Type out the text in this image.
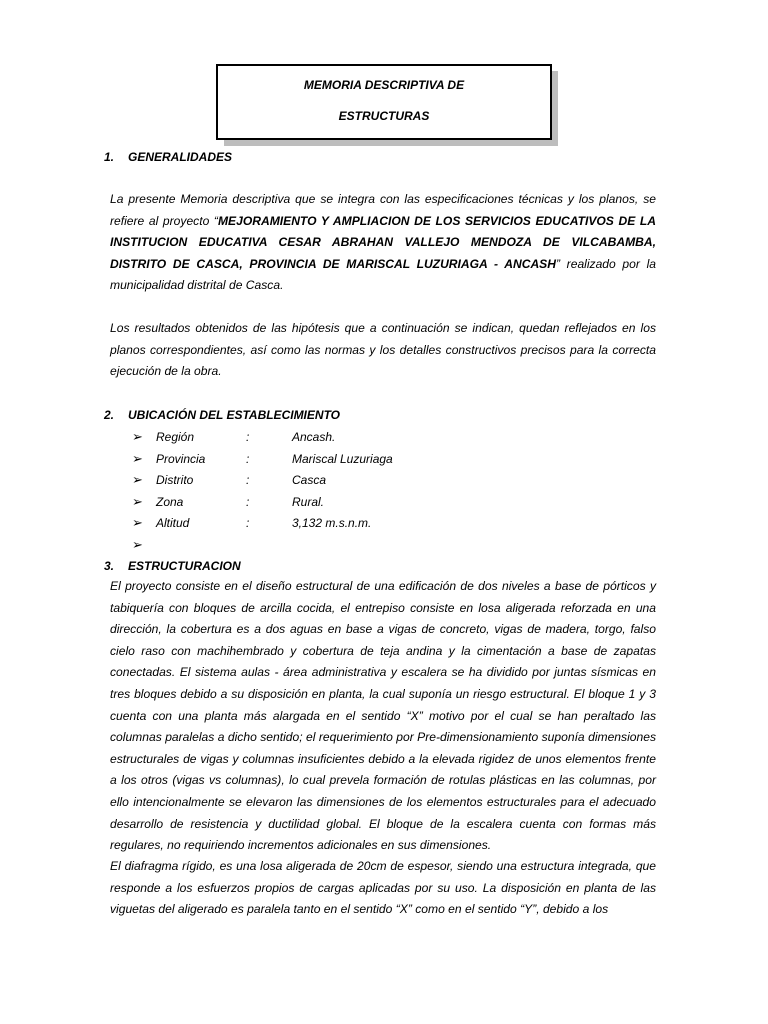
MEMORIA DESCRIPTIVA DE
ESTRUCTURAS
1. GENERALIDADES
La presente Memoria descriptiva que se integra con las especificaciones técnicas y los planos, se refiere al proyecto “MEJORAMIENTO Y AMPLIACION DE LOS SERVICIOS EDUCATIVOS DE LA INSTITUCION EDUCATIVA CESAR ABRAHAN VALLEJO MENDOZA DE VILCABAMBA, DISTRITO DE CASCA, PROVINCIA DE MARISCAL LUZURIAGA - ANCASH” realizado por la municipalidad distrital de Casca.
Los resultados obtenidos de las hipótesis que a continuación se indican, quedan reflejados en los planos correspondientes, así como las normas y los detalles constructivos precisos para la correcta ejecución de la obra.
2. UBICACIÓN DEL ESTABLECIMIENTO
➢ Región	:	Ancash.
➢ Provincia	:	Mariscal Luzuriaga
➢ Distrito	:	Casca
➢ Zona	:	Rural.
➢ Altitud	:	3,132 m.s.n.m.
➢
3. ESTRUCTURACION
El proyecto consiste en el diseño estructural de una edificación de dos niveles a base de pórticos y tabiquería con bloques de arcilla cocida, el entrepiso consiste en losa aligerada reforzada en una dirección, la cobertura es a dos aguas en base a vigas de concreto, vigas de madera, torgo, falso cielo raso con machihembrado y cobertura de teja andina y la cimentación a base de zapatas conectadas. El sistema aulas - área administrativa y escalera se ha dividido por juntas sísmicas en tres bloques debido a su disposición en planta, la cual suponía un riesgo estructural. El bloque 1 y 3 cuenta con una planta más alargada en el sentido “X” motivo por el cual se han peraltado las columnas paralelas a dicho sentido; el requerimiento por Pre-dimensionamiento suponía dimensiones estructurales de vigas y columnas insuficientes debido a la elevada rigidez de unos elementos frente a los otros (vigas vs columnas), lo cual prevela formación de rotulas plásticas en las columnas, por ello intencionalmente se elevaron las dimensiones de los elementos estructurales para el adecuado desarrollo de resistencia y ductilidad global. El bloque de la escalera cuenta con formas más regulares, no requiriendo incrementos adicionales en sus dimensiones.
El diafragma rígido, es una losa aligerada de 20cm de espesor, siendo una estructura integrada, que responde a los esfuerzos propios de cargas aplicadas por su uso. La disposición en planta de las viguetas del aligerado es paralela tanto en el sentido “X” como en el sentido “Y”, debido a los
